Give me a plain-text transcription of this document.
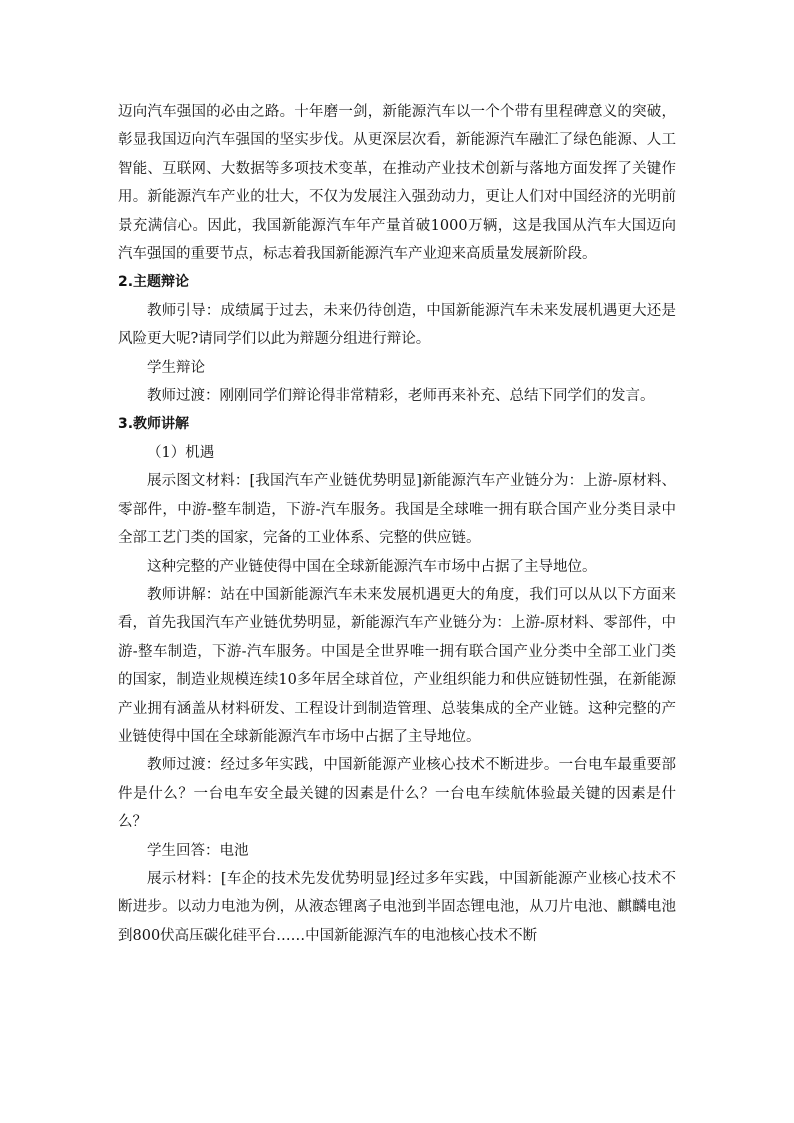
迈向汽车强国的必由之路。十年磨一剑，新能源汽车以一个个带有里程碑意义的突破，彰显我国迈向汽车强国的坚实步伐。从更深层次看，新能源汽车融汇了绿色能源、人工智能、互联网、大数据等多项技术变革，在推动产业技术创新与落地方面发挥了关键作用。新能源汽车产业的壮大，不仅为发展注入强劲动力，更让人们对中国经济的光明前景充满信心。因此，我国新能源汽车年产量首破1000万辆，这是我国从汽车大国迈向汽车强国的重要节点，标志着我国新能源汽车产业迎来高质量发展新阶段。

2.主题辩论

教师引导：成绩属于过去，未来仍待创造，中国新能源汽车未来发展机遇更大还是风险更大呢?请同学们以此为辩题分组进行辩论。

学生辩论

教师过渡：刚刚同学们辩论得非常精彩，老师再来补充、总结下同学们的发言。

3.教师讲解

（1）机遇

展示图文材料：[我国汽车产业链优势明显]新能源汽车产业链分为：上游-原材料、零部件，中游-整车制造，下游-汽车服务。我国是全球唯一拥有联合国产业分类目录中全部工艺门类的国家，完备的工业体系、完整的供应链。

这种完整的产业链使得中国在全球新能源汽车市场中占据了主导地位。

教师讲解：站在中国新能源汽车未来发展机遇更大的角度，我们可以从以下方面来看，首先我国汽车产业链优势明显，新能源汽车产业链分为：上游-原材料、零部件，中游-整车制造，下游-汽车服务。中国是全世界唯一拥有联合国产业分类中全部工业门类的国家，制造业规模连续10多年居全球首位，产业组织能力和供应链韧性强，在新能源产业拥有涵盖从材料研发、工程设计到制造管理、总装集成的全产业链。这种完整的产业链使得中国在全球新能源汽车市场中占据了主导地位。

教师过渡：经过多年实践，中国新能源产业核心技术不断进步。一台电车最重要部件是什么？一台电车安全最关键的因素是什么？一台电车续航体验最关键的因素是什么？

学生回答：电池

展示材料：[车企的技术先发优势明显]经过多年实践，中国新能源产业核心技术不断进步。以动力电池为例，从液态锂离子电池到半固态锂电池，从刀片电池、麒麟电池到800伏高压碳化硅平台……中国新能源汽车的电池核心技术不断
